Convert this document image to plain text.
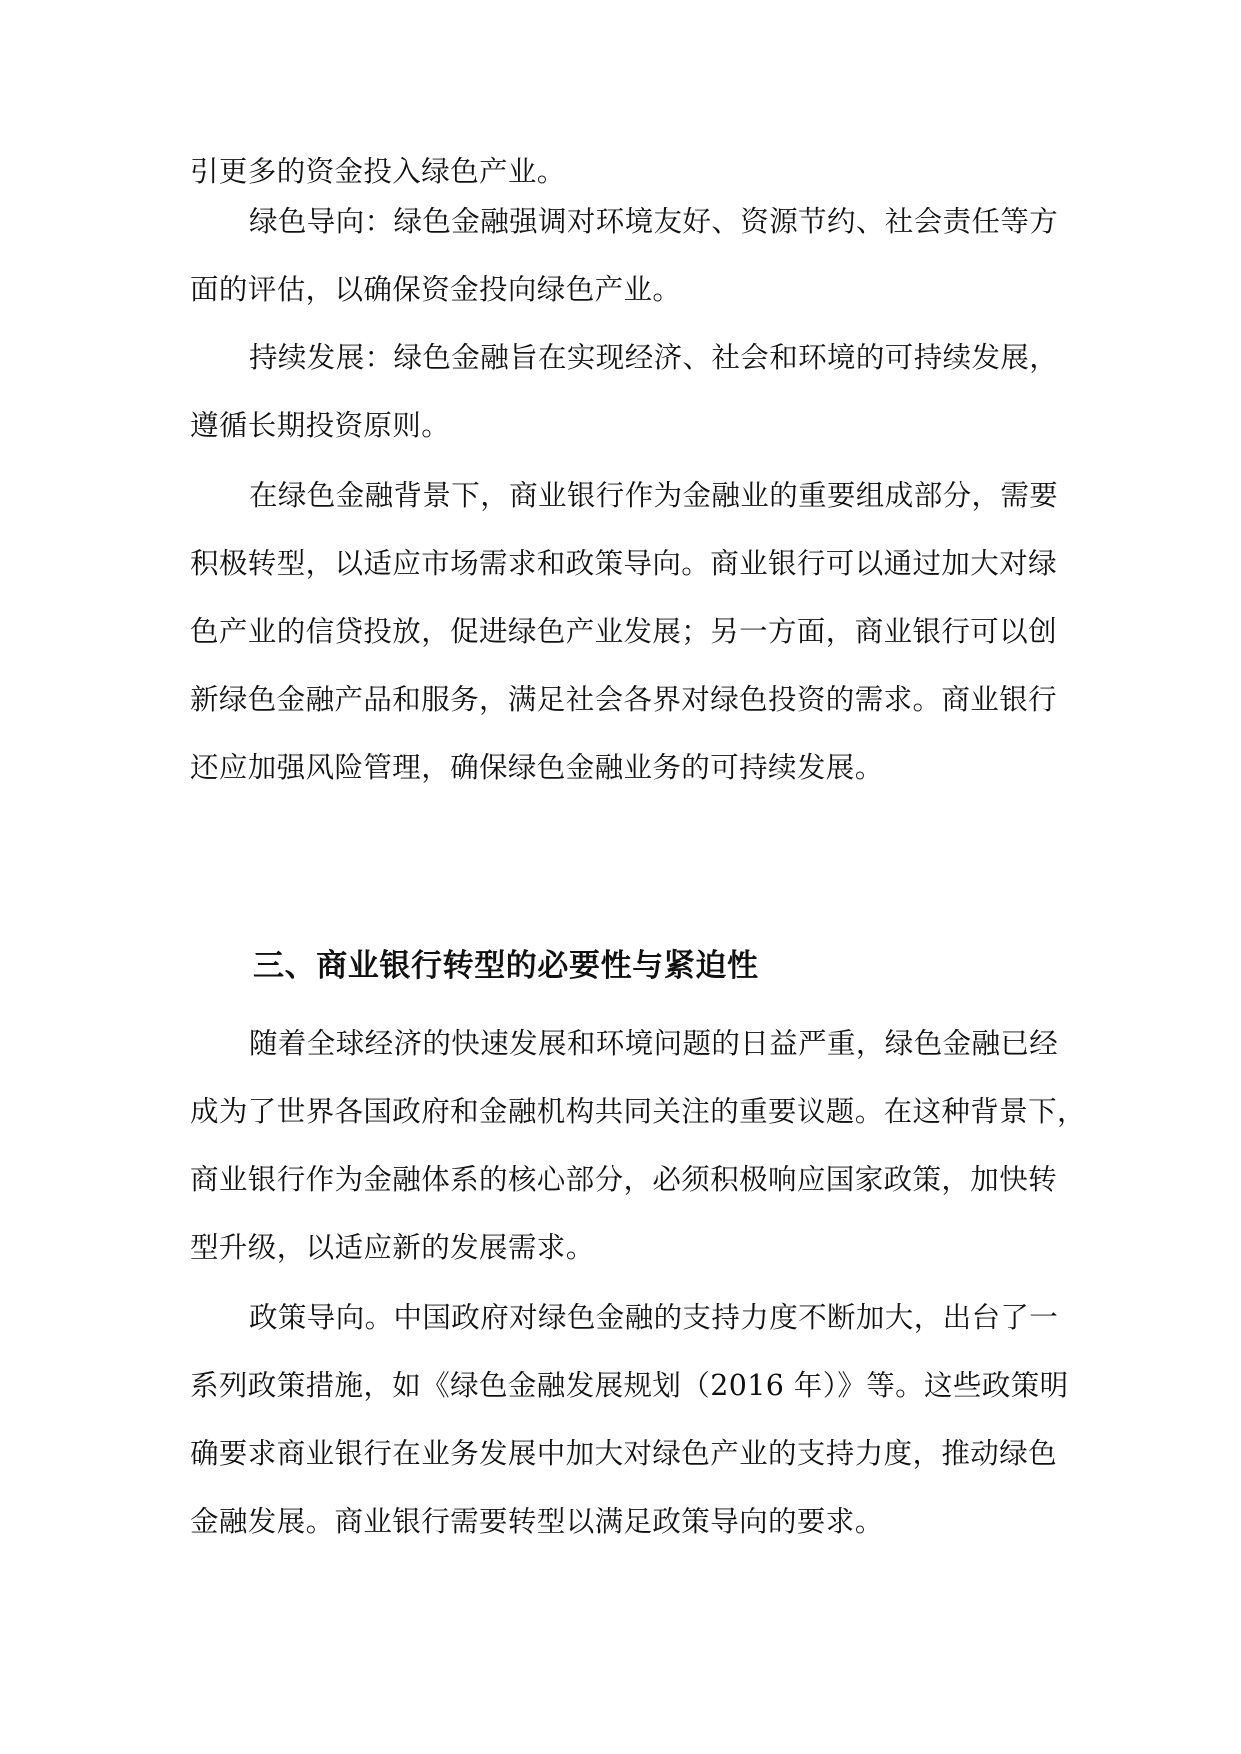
引更多的资金投入绿色产业。
绿色导向：绿色金融强调对环境友好、资源节约、社会责任等方
面的评估，以确保资金投向绿色产业。
持续发展：绿色金融旨在实现经济、社会和环境的可持续发展，
遵循长期投资原则。
在绿色金融背景下，商业银行作为金融业的重要组成部分，需要
积极转型，以适应市场需求和政策导向。商业银行可以通过加大对绿
色产业的信贷投放，促进绿色产业发展；另一方面，商业银行可以创
新绿色金融产品和服务，满足社会各界对绿色投资的需求。商业银行
还应加强风险管理，确保绿色金融业务的可持续发展。
三、商业银行转型的必要性与紧迫性
随着全球经济的快速发展和环境问题的日益严重，绿色金融已经
成为了世界各国政府和金融机构共同关注的重要议题。在这种背景下，
商业银行作为金融体系的核心部分，必须积极响应国家政策，加快转
型升级，以适应新的发展需求。
政策导向。中国政府对绿色金融的支持力度不断加大，出台了一
系列政策措施，如《绿色金融发展规划（2016 年）》等。这些政策明
确要求商业银行在业务发展中加大对绿色产业的支持力度，推动绿色
金融发展。商业银行需要转型以满足政策导向的要求。
